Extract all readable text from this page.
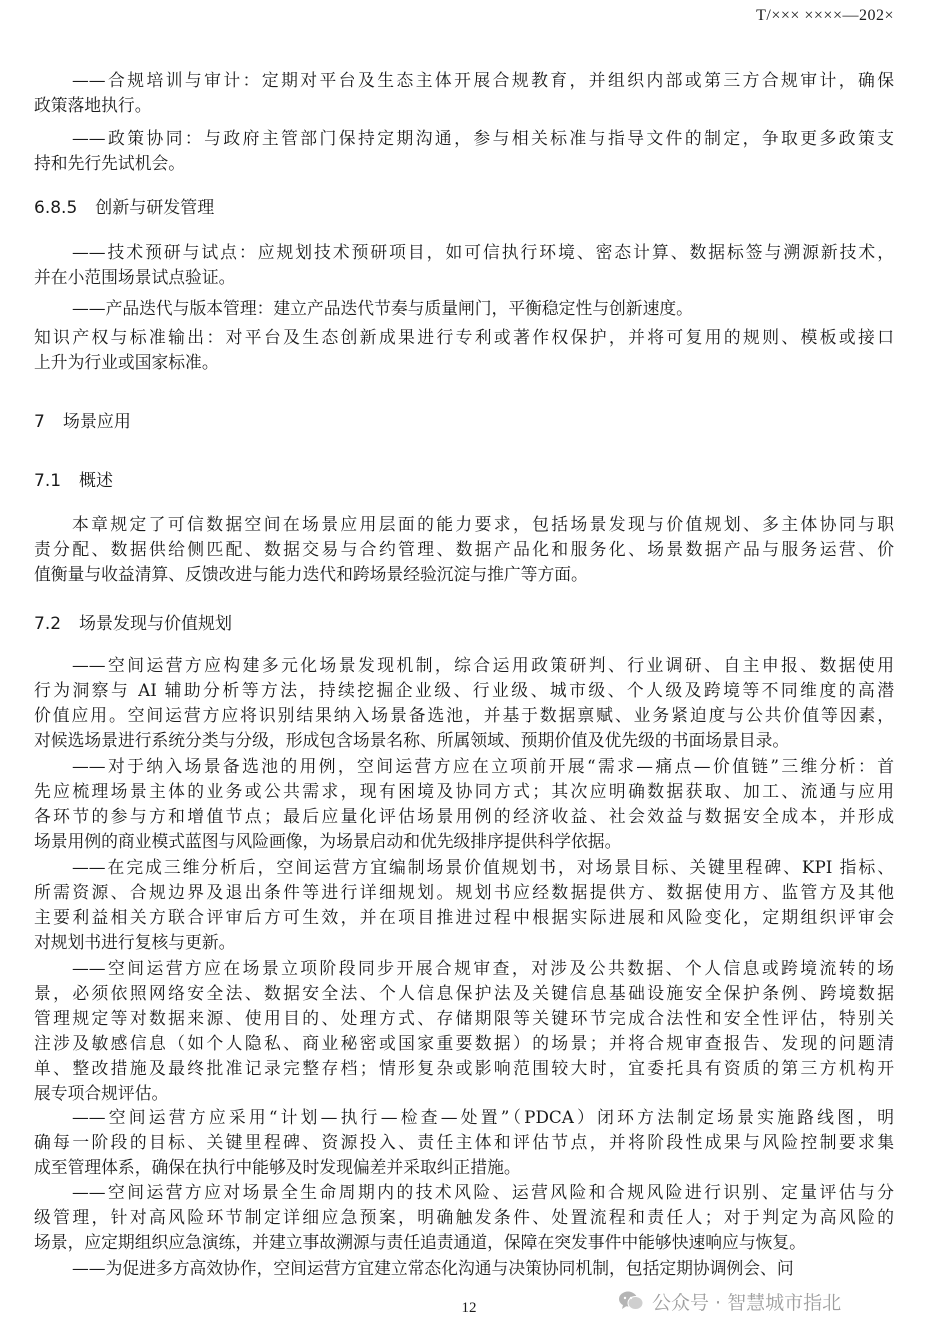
T/××× ××××—202×
——合规培训与审计：定期对平台及生态主体开展合规教育，并组织内部或第三方合规审计，确保
政策落地执行。
——政策协同：与政府主管部门保持定期沟通，参与相关标准与指导文件的制定，争取更多政策支
持和先行先试机会。
6.8.5 创新与研发管理
——技术预研与试点：应规划技术预研项目，如可信执行环境、密态计算、数据标签与溯源新技术，
并在小范围场景试点验证。
——产品迭代与版本管理：建立产品迭代节奏与质量闸门，平衡稳定性与创新速度。
知识产权与标准输出：对平台及生态创新成果进行专利或著作权保护，并将可复用的规则、模板或接口
上升为行业或国家标准。
7 场景应用
7.1 概述
本章规定了可信数据空间在场景应用层面的能力要求，包括场景发现与价值规划、多主体协同与职
责分配、数据供给侧匹配、数据交易与合约管理、数据产品化和服务化、场景数据产品与服务运营、价
值衡量与收益清算、反馈改进与能力迭代和跨场景经验沉淀与推广等方面。
7.2 场景发现与价值规划
——空间运营方应构建多元化场景发现机制，综合运用政策研判、行业调研、自主申报、数据使用
行为洞察与 AI 辅助分析等方法，持续挖掘企业级、行业级、城市级、个人级及跨境等不同维度的高潜
价值应用。空间运营方应将识别结果纳入场景备选池，并基于数据禀赋、业务紧迫度与公共价值等因素，
对候选场景进行系统分类与分级，形成包含场景名称、所属领域、预期价值及优先级的书面场景目录。
——对于纳入场景备选池的用例，空间运营方应在立项前开展“需求—痛点—价值链”三维分析：首
先应梳理场景主体的业务或公共需求，现有困境及协同方式；其次应明确数据获取、加工、流通与应用
各环节的参与方和增值节点；最后应量化评估场景用例的经济收益、社会效益与数据安全成本，并形成
场景用例的商业模式蓝图与风险画像，为场景启动和优先级排序提供科学依据。
——在完成三维分析后，空间运营方宜编制场景价值规划书，对场景目标、关键里程碑、KPI 指标、
所需资源、合规边界及退出条件等进行详细规划。规划书应经数据提供方、数据使用方、监管方及其他
主要利益相关方联合评审后方可生效，并在项目推进过程中根据实际进展和风险变化，定期组织评审会
对规划书进行复核与更新。
——空间运营方应在场景立项阶段同步开展合规审查，对涉及公共数据、个人信息或跨境流转的场
景，必须依照网络安全法、数据安全法、个人信息保护法及关键信息基础设施安全保护条例、跨境数据
管理规定等对数据来源、使用目的、处理方式、存储期限等关键环节完成合法性和安全性评估，特别关
注涉及敏感信息（如个人隐私、商业秘密或国家重要数据）的场景；并将合规审查报告、发现的问题清
单、整改措施及最终批准记录完整存档；情形复杂或影响范围较大时，宜委托具有资质的第三方机构开
展专项合规评估。
——空间运营方应采用“计划—执行—检查—处置”（PDCA）闭环方法制定场景实施路线图，明
确每一阶段的目标、关键里程碑、资源投入、责任主体和评估节点，并将阶段性成果与风险控制要求集
成至管理体系，确保在执行中能够及时发现偏差并采取纠正措施。
——空间运营方应对场景全生命周期内的技术风险、运营风险和合规风险进行识别、定量评估与分
级管理，针对高风险环节制定详细应急预案，明确触发条件、处置流程和责任人；对于判定为高风险的
场景，应定期组织应急演练，并建立事故溯源与责任追责通道，保障在突发事件中能够快速响应与恢复。
——为促进多方高效协作，空间运营方宜建立常态化沟通与决策协同机制，包括定期协调例会、问
12	公众号 · 智慧城市指北
